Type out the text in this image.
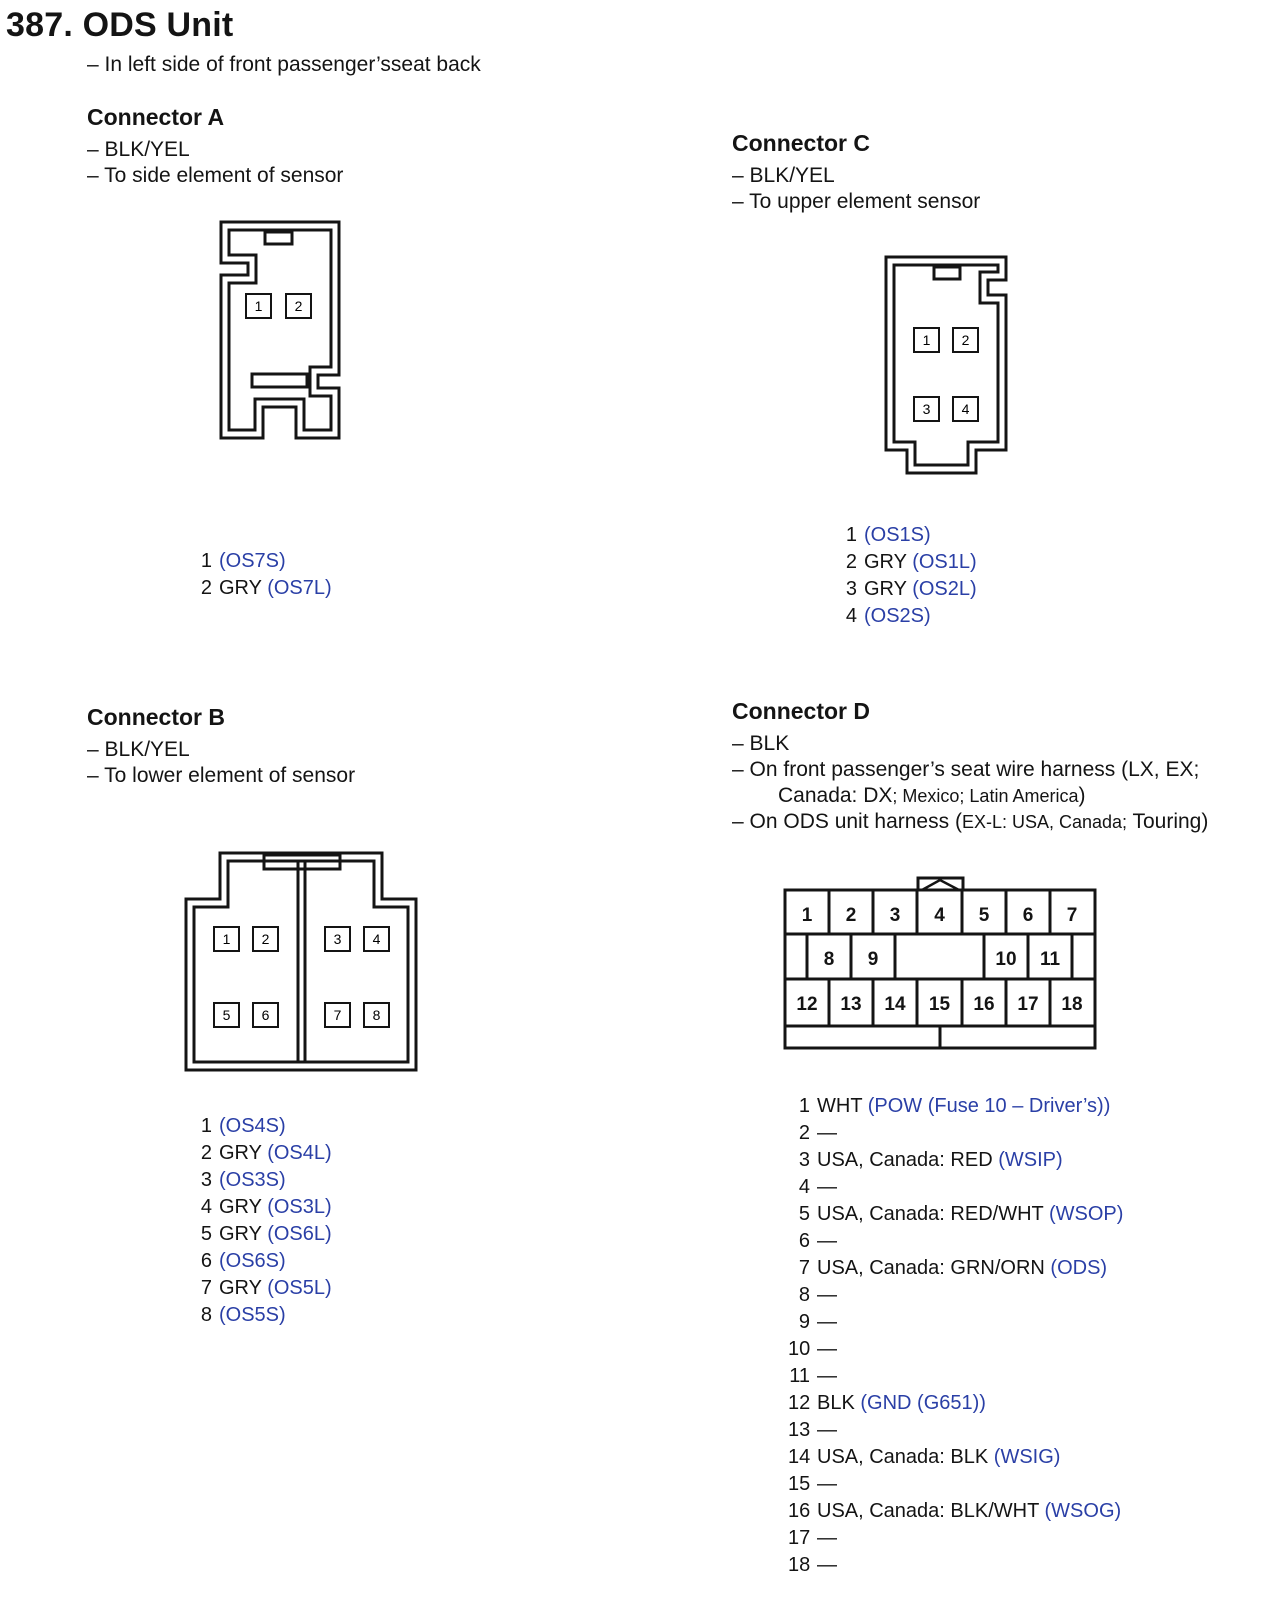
387. ODS Unit
– In left side of front passenger’sseat back
Connector A
– BLK/YEL
– To side element of sensor
1 2
1 (OS7S)
2 GRY (OS7L)
Connector C
– BLK/YEL
– To upper element sensor
1 2
3 4
1 (OS1S)
2 GRY (OS1L)
3 GRY (OS2L)
4 (OS2S)
Connector B
– BLK/YEL
– To lower element of sensor
1 2	3 4
5 6	7 8
1 (OS4S)
2 GRY (OS4L)
3 (OS3S)
4 GRY (OS3L)
5 GRY (OS6L)
6 (OS6S)
7 GRY (OS5L)
8 (OS5S)
Connector D
– BLK
– On front passenger’s seat wire harness (LX, EX;
Canada: DX; Mexico; Latin America)
– On ODS unit harness (EX-L: USA, Canada; Touring)
1 2 3 4 5 6 7
8 9	10 11
12 13 14 15 16 17 18
1 WHT (POW (Fuse 10 – Driver’s))
2 —
3 USA, Canada: RED (WSIP)
4 —
5 USA, Canada: RED/WHT (WSOP)
6 —
7 USA, Canada: GRN/ORN (ODS)
8 —
9 —
10 —
11 —
12 BLK (GND (G651))
13 —
14 USA, Canada: BLK (WSIG)
15 —
16 USA, Canada: BLK/WHT (WSOG)
17 —
18 —
